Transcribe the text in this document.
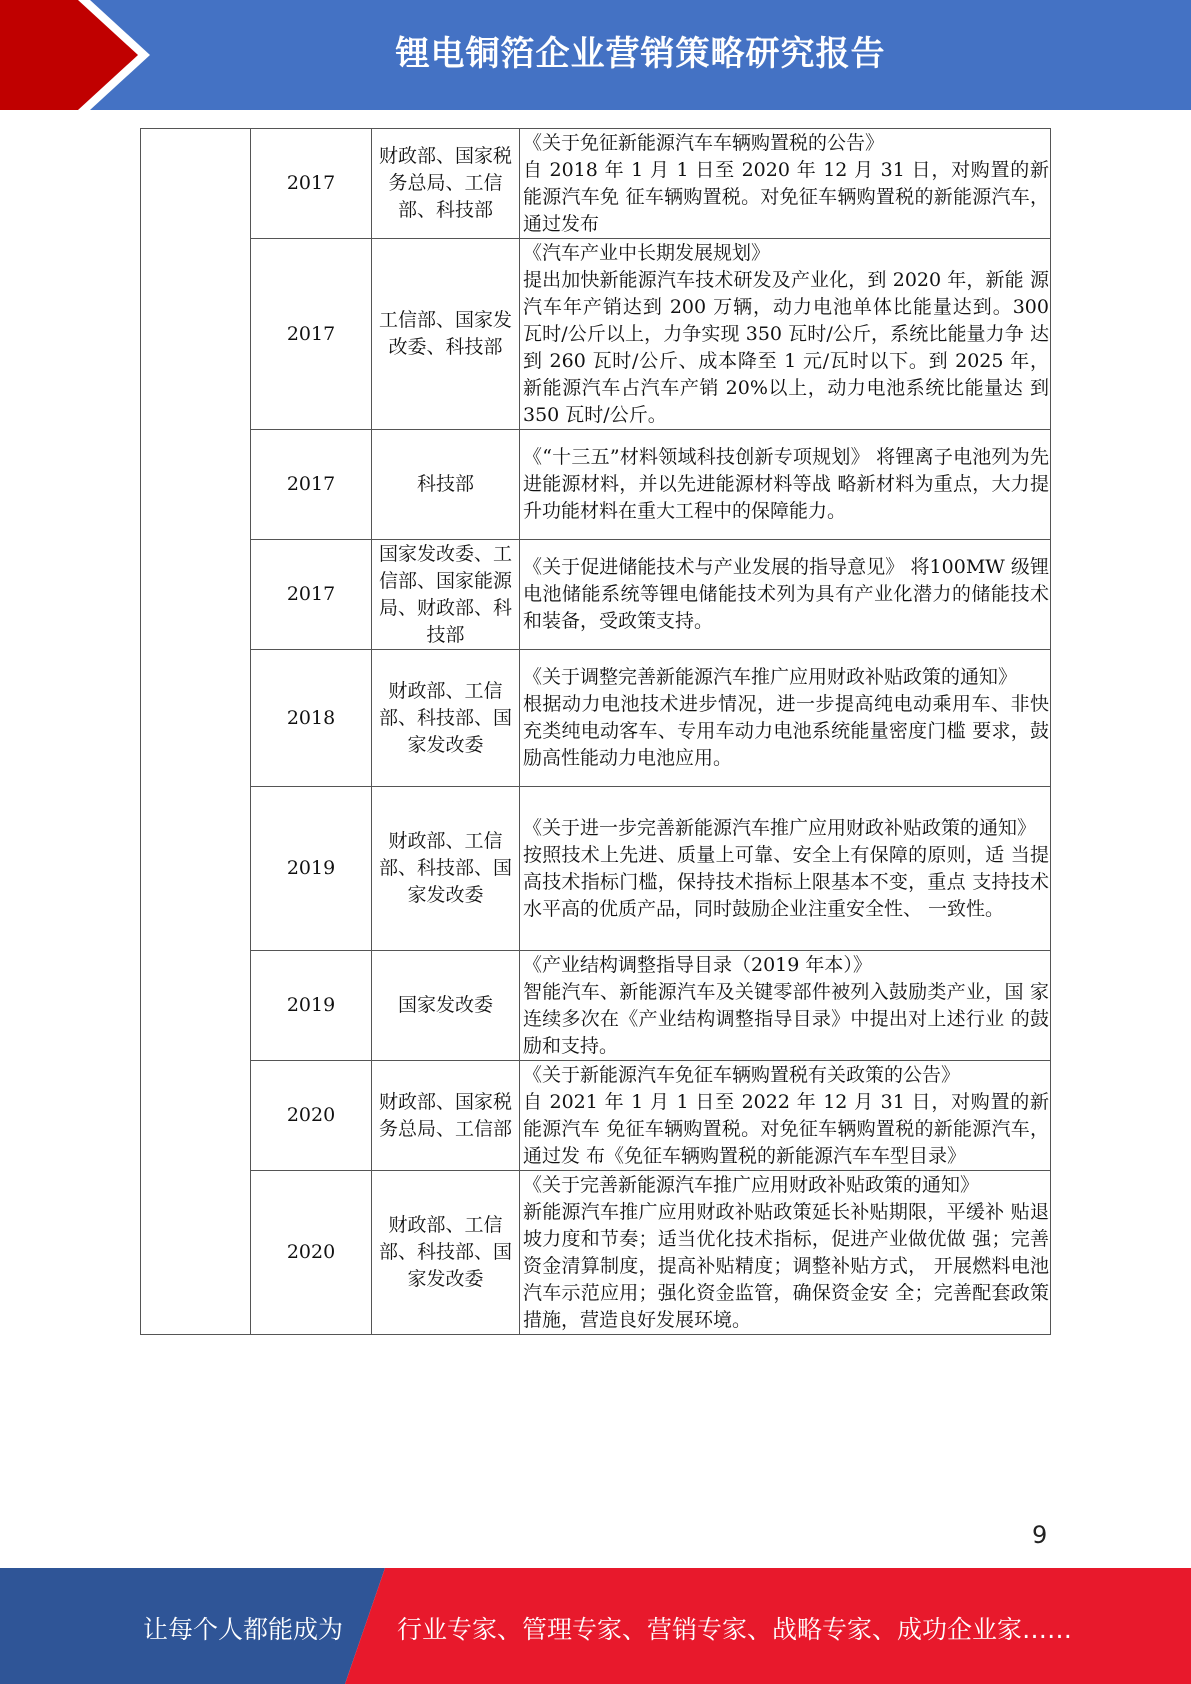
锂电铜箔企业营销策略研究报告
	2017	财政部、国家税 务总局、工信 部、科技部	《关于免征新能源汽车车辆购置税的公告》
自 2018 年 1 月 1 日至 2020 年 12 月 31 日，对购置的新能源汽车免 征车辆购置税。对免征车辆购置税的新能源汽车，通过发布

	2017	工信部、国家发 改委、科技部	《汽车产业中长期发展规划》
提出加快新能源汽车技术研发及产业化，到 2020 年，新能 源汽车年产销达到 200 万辆，动力电池单体比能量达到。300 瓦时/公斤以上，力争实现 350 瓦时/公斤，系统比能量力争 达到 260 瓦时/公斤、成本降至 1 元/瓦时以下。到 2025 年， 新能源汽车占汽车产销 20%以上，动力电池系统比能量达 到 350 瓦时/公斤。

	2017	科技部	《“十三五”材料领域科技创新专项规划》 将锂离子电池列为先进能源材料，并以先进能源材料等战 略新材料为重点，大力提升功能材料在重大工程中的保障能力。

	2017	国家发改委、工 信部、国家能源 局、财政部、科 技部	《关于促进储能技术与产业发展的指导意见》 将100MW 级锂电池储能系统等锂电储能技术列为具有产业化潜力的储能技术和装备，受政策支持。

	2018	财政部、工信部、科技部、国 家发改委	《关于调整完善新能源汽车推广应用财政补贴政策的通知》
根据动力电池技术进步情况，进一步提高纯电动乘用车、非快充类纯电动客车、专用车动力电池系统能量密度门槛 要求，鼓励高性能动力电池应用。

	2019	财政部、工信部、科技部、国 家发改委	《关于进一步完善新能源汽车推广应用财政补贴政策的通知》
按照技术上先进、质量上可靠、安全上有保障的原则，适 当提高技术指标门槛，保持技术指标上限基本不变，重点 支持技术水平高的优质产品，同时鼓励企业注重安全性、 一致性。

	2019	国家发改委	《产业结构调整指导目录（2019 年本）》
智能汽车、新能源汽车及关键零部件被列入鼓励类产业，国 家连续多次在《产业结构调整指导目录》中提出对上述行业 的鼓励和支持。

	2020	财政部、国家税务总局、工信部	《关于新能源汽车免征车辆购置税有关政策的公告》
自 2021 年 1 月 1 日至 2022 年 12 月 31 日，对购置的新能源汽车 免征车辆购置税。对免征车辆购置税的新能源汽车，通过发 布《免征车辆购置税的新能源汽车车型目录》

	2020	财政部、工信部、科技部、国 家发改委	《关于完善新能源汽车推广应用财政补贴政策的通知》
新能源汽车推广应用财政补贴政策延长补贴期限，平缓补 贴退坡力度和节奏；适当优化技术指标，促进产业做优做 强；完善资金清算制度，提高补贴精度；调整补贴方式， 开展燃料电池汽车示范应用；强化资金监管，确保资金安 全；完善配套政策措施，营造良好发展环境。
9
让每个人都能成为 行业专家、管理专家、营销专家、战略专家、成功企业家……
